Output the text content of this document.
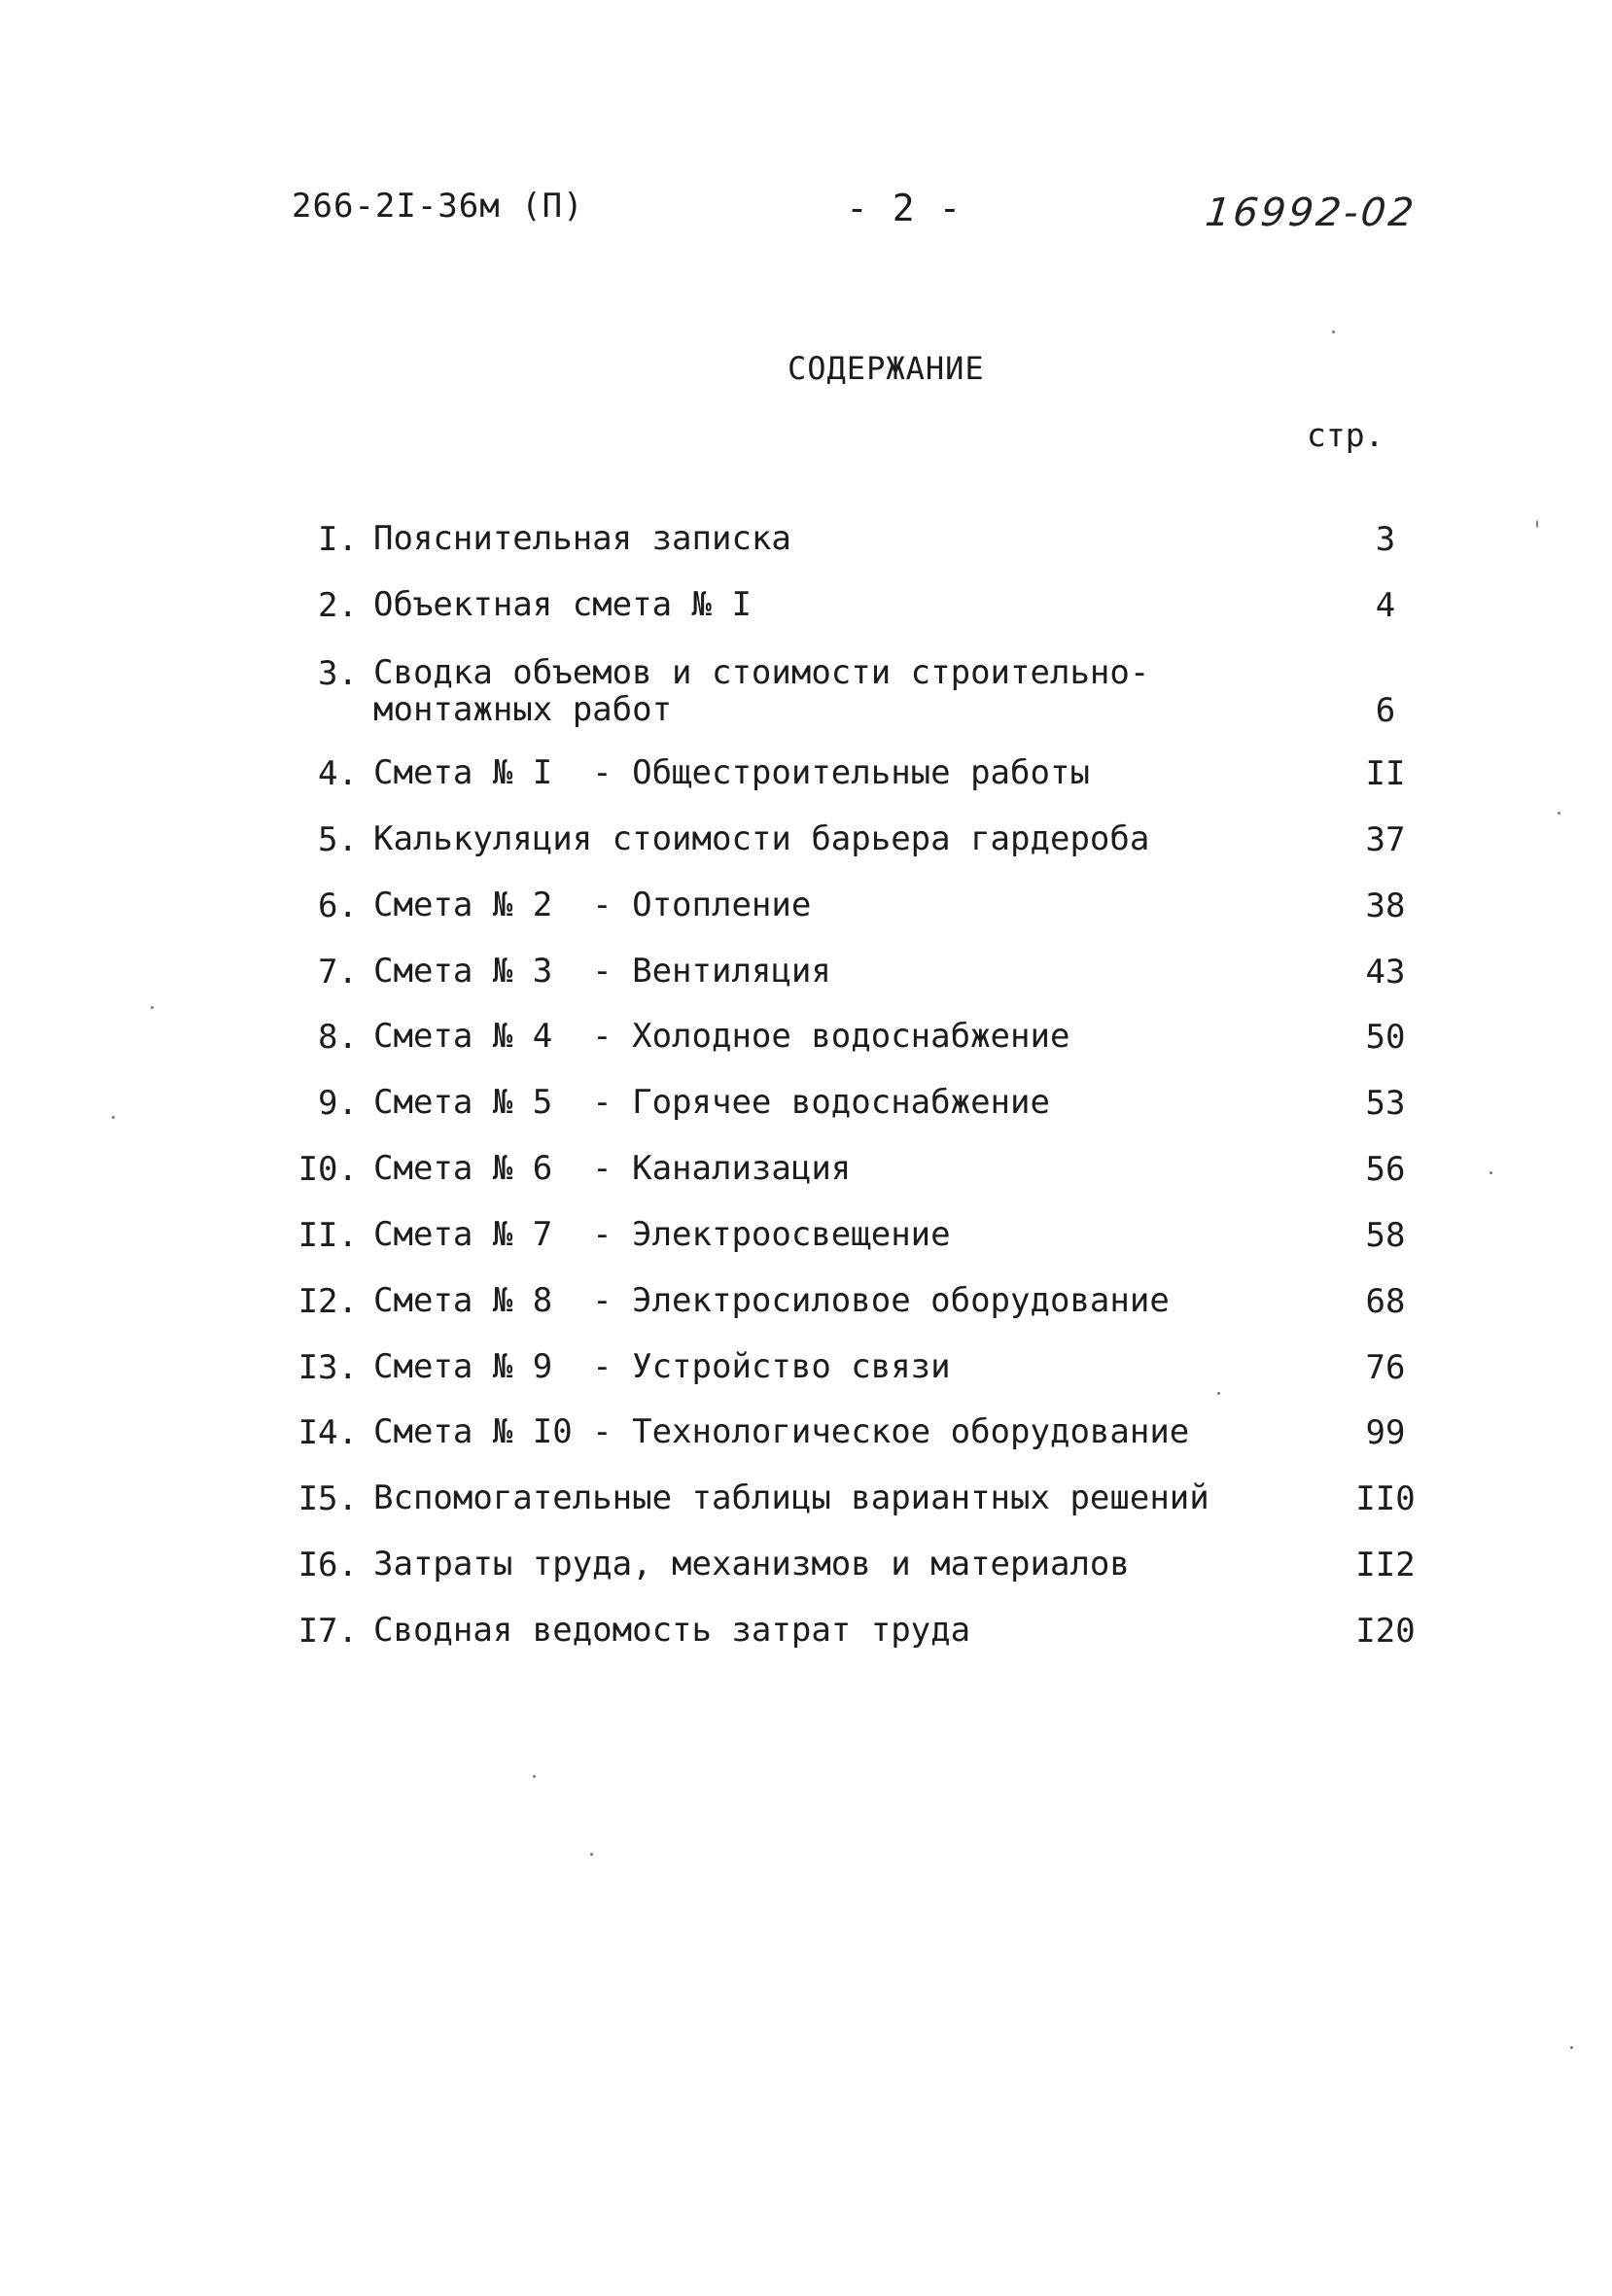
266-2I-36м (П)	- 2 -	16992-02
СОДЕРЖАНИЕ
стр.
I. Пояснительная записка	3
2. Объектная смета № I	4
3. Сводка объемов и стоимости строительно-
монтажных работ	6
4. Смета № I  - Общестроительные работы	II
5. Калькуляция стоимости барьера гардероба	37
6. Смета № 2  - Отопление	38
7. Смета № 3  - Вентиляция	43
8. Смета № 4  - Холодное водоснабжение	50
9. Смета № 5  - Горячее водоснабжение	53
I0. Смета № 6  - Канализация	56
II. Смета № 7  - Электроосвещение	58
I2. Смета № 8  - Электросиловое оборудование	68
I3. Смета № 9  - Устройство связи	76
I4. Смета № I0 - Технологическое оборудование	99
I5. Вспомогательные таблицы вариантных решений	II0
I6. Затраты труда, механизмов и материалов	II2
I7. Сводная ведомость затрат труда	I20
